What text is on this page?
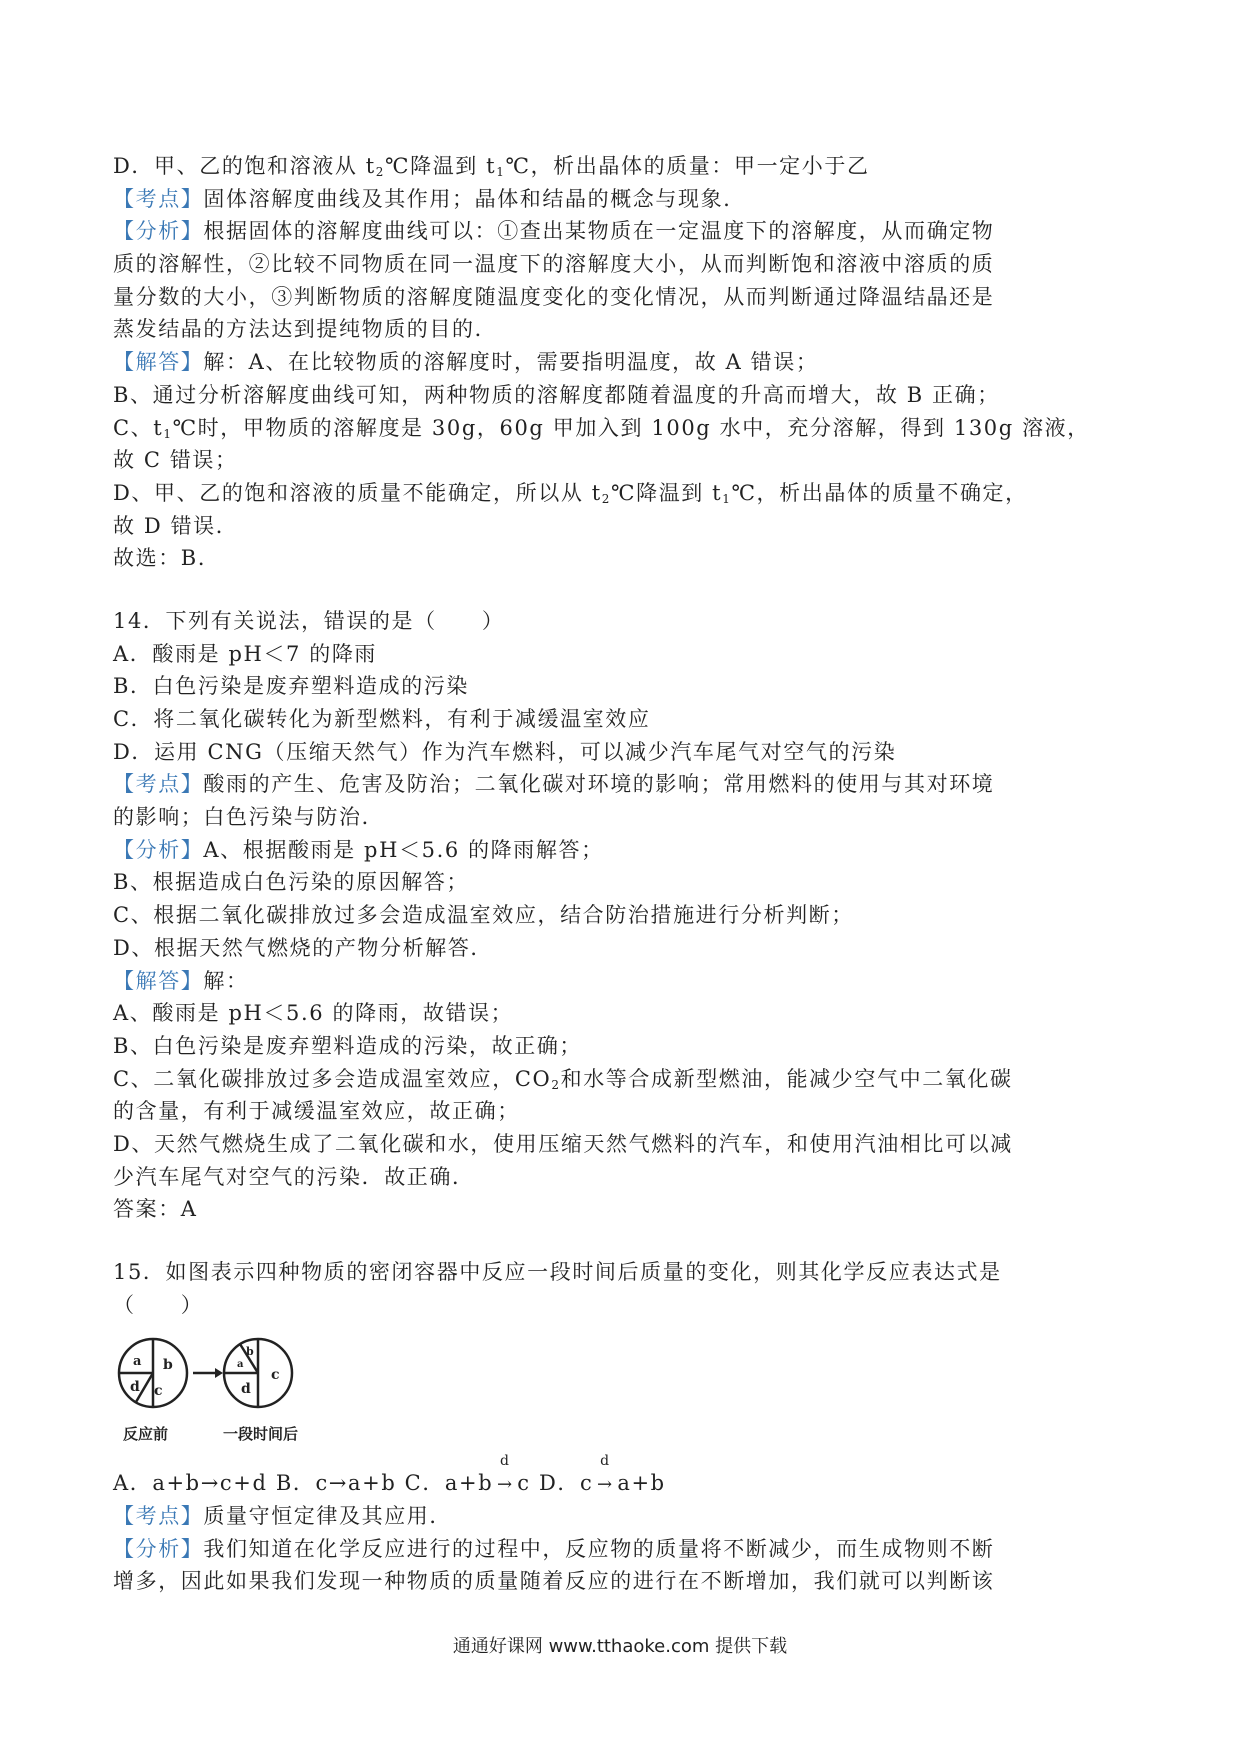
D．甲、乙的饱和溶液从 $t_2℃$降温到 $t_1℃$，析出晶体的质量：甲一定小于乙
【考点】固体溶解度曲线及其作用；晶体和结晶的概念与现象．
【分析】根据固体的溶解度曲线可以：①查出某物质在一定温度下的溶解度，从而确定物
质的溶解性，②比较不同物质在同一温度下的溶解度大小，从而判断饱和溶液中溶质的质
量分数的大小，③判断物质的溶解度随温度变化的变化情况，从而判断通过降温结晶还是
蒸发结晶的方法达到提纯物质的目的．
【解答】解：A、在比较物质的溶解度时，需要指明温度，故 A 错误；
B、通过分析溶解度曲线可知，两种物质的溶解度都随着温度的升高而增大，故 B 正确；
C、$t_1℃$时，甲物质的溶解度是 30g，60g 甲加入到 100g 水中，充分溶解，得到 130g 溶液，
故 C 错误；
D、甲、乙的饱和溶液的质量不能确定，所以从 $t_2℃$降温到 $t_1℃$，析出晶体的质量不确定，
故 D 错误．
故选：B．
14．下列有关说法，错误的是（　　）
A．酸雨是 pH＜7 的降雨
B．白色污染是废弃塑料造成的污染
C．将二氧化碳转化为新型燃料，有利于减缓温室效应
D．运用 CNG（压缩天然气）作为汽车燃料，可以减少汽车尾气对空气的污染
【考点】酸雨的产生、危害及防治；二氧化碳对环境的影响；常用燃料的使用与其对环境
的影响；白色污染与防治．
【分析】A、根据酸雨是 pH＜5.6 的降雨解答；
B、根据造成白色污染的原因解答；
C、根据二氧化碳排放过多会造成温室效应，结合防治措施进行分析判断；
D、根据天然气燃烧的产物分析解答．
【解答】解：
A、酸雨是 pH＜5.6 的降雨，故错误；
B、白色污染是废弃塑料造成的污染，故正确；
C、二氧化碳排放过多会造成温室效应，$CO_2$和水等合成新型燃油，能减少空气中二氧化碳
的含量，有利于减缓温室效应，故正确；
D、天然气燃烧生成了二氧化碳和水，使用压缩天然气燃料的汽车，和使用汽油相比可以减
少汽车尾气对空气的污染．故正确．
答案：A
15．如图表示四种物质的密闭容器中反应一段时间后质量的变化，则其化学反应表达式是
（　　）
a b
d c
a
b
d
c
反应前	一段时间后
A．a+b→c+d B．c→a+b C．a+b
d
→ c D．c
d
→ a+b
【考点】质量守恒定律及其应用．
【分析】我们知道在化学反应进行的过程中，反应物的质量将不断减少，而生成物则不断
增多，因此如果我们发现一种物质的质量随着反应的进行在不断增加，我们就可以判断该
通通好课网 www.tthaoke.com 提供下载
